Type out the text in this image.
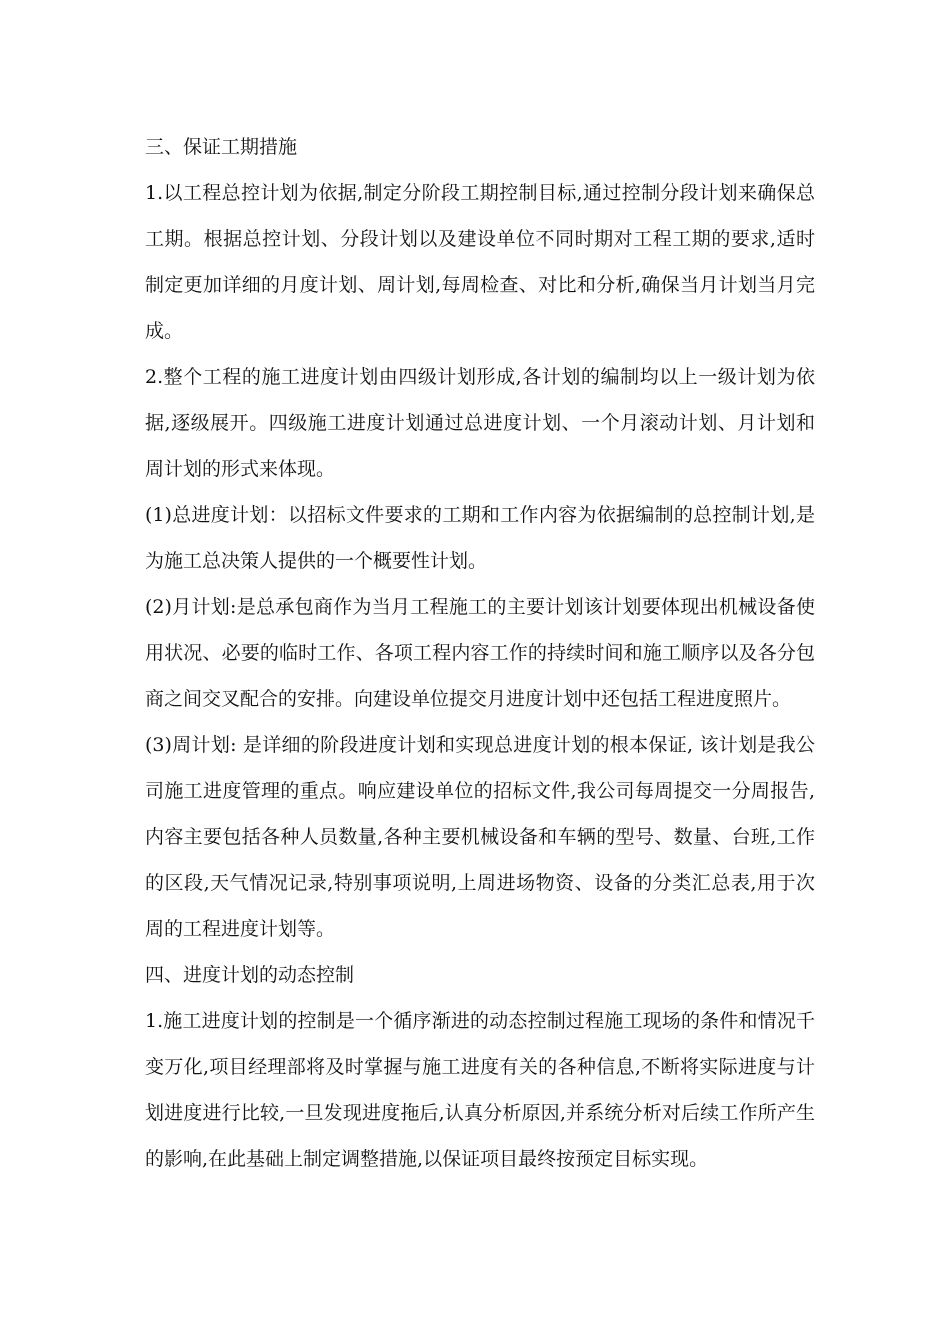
三、保证工期措施

1.以工程总控计划为依据,制定分阶段工期控制目标,通过控制分段计划来确保总工期。根据总控计划、分段计划以及建设单位不同时期对工程工期的要求,适时制定更加详细的月度计划、周计划,每周检查、对比和分析,确保当月计划当月完成。

2.整个工程的施工进度计划由四级计划形成,各计划的编制均以上一级计划为依据,逐级展开。四级施工进度计划通过总进度计划、一个月滚动计划、月计划和周计划的形式来体现。

(1)总进度计划：以招标文件要求的工期和工作内容为依据编制的总控制计划,是为施工总决策人提供的一个概要性计划。

(2)月计划:是总承包商作为当月工程施工的主要计划该计划要体现出机械设备使用状况、必要的临时工作、各项工程内容工作的持续时间和施工顺序以及各分包商之间交叉配合的安排。向建设单位提交月进度计划中还包括工程进度照片。

(3)周计划: 是详细的阶段进度计划和实现总进度计划的根本保证, 该计划是我公司施工进度管理的重点。响应建设单位的招标文件,我公司每周提交一分周报告,内容主要包括各种人员数量,各种主要机械设备和车辆的型号、数量、台班,工作的区段,天气情况记录,特别事项说明,上周进场物资、设备的分类汇总表,用于次周的工程进度计划等。

四、进度计划的动态控制

1.施工进度计划的控制是一个循序渐进的动态控制过程施工现场的条件和情况千变万化,项目经理部将及时掌握与施工进度有关的各种信息,不断将实际进度与计划进度进行比较,一旦发现进度拖后,认真分析原因,并系统分析对后续工作所产生的影响,在此基础上制定调整措施,以保证项目最终按预定目标实现。
